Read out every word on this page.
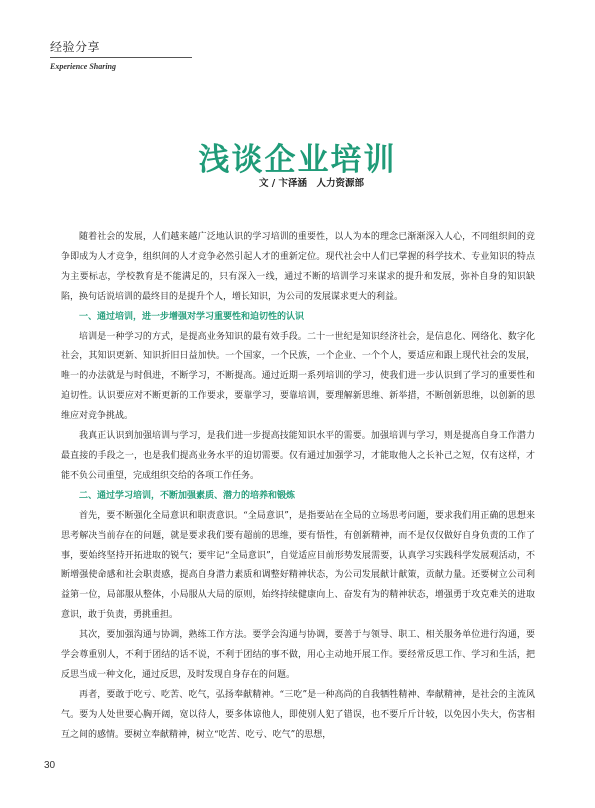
经验分享
Experience Sharing
浅谈企业培训
文 / 卞泽涵　人力资源部

随着社会的发展，人们越来越广泛地认识的学习培训的重要性，以人为本的理念已渐渐深入人心，不同组织间的竞争即成为人才竞争，组织间的人才竞争必然引起人才的重新定位。现代社会中人们已掌握的科学技术、专业知识的特点为主要标志，学校教育是不能满足的，只有深入一线，通过不断的培训学习来谋求的提升和发展，弥补自身的知识缺陷，换句话说培训的最终目的是提升个人，增长知识，为公司的发展谋求更大的利益。

一、通过培训，进一步增强对学习重要性和迫切性的认识

培训是一种学习的方式，是提高业务知识的最有效手段。二十一世纪是知识经济社会，是信息化、网络化、数字化社会，其知识更新、知识折旧日益加快。一个国家，一个民族，一个企业、一个个人，要适应和跟上现代社会的发展，唯一的办法就是与时俱进，不断学习，不断提高。通过近期一系列培训的学习，使我们进一步认识到了学习的重要性和迫切性。认识要应对不断更新的工作要求，要靠学习，要靠培训，要理解新思维、新举措，不断创新思维，以创新的思维应对竞争挑战。

我真正认识到加强培训与学习，是我们进一步提高技能知识水平的需要。加强培训与学习，则是提高自身工作潜力最直接的手段之一，也是我们提高业务水平的迫切需要。仅有通过加强学习，才能取他人之长补己之短，仅有这样，才能不负公司重望，完成组织交给的各项工作任务。

二、通过学习培训，不断加强素质、潜力的培养和锻炼

首先，要不断强化全局意识和职责意识。“全局意识”，是指要站在全局的立场思考问题，要求我们用正确的思想来思考解决当前存在的问题，就是要求我们要有超前的思维，要有悟性，有创新精神，而不是仅仅做好自身负责的工作了事，要始终坚持开拓进取的锐气；要牢记“全局意识”，自觉适应目前形势发展需要，认真学习实践科学发展观活动，不断增强使命感和社会职责感，提高自身潜力素质和调整好精神状态，为公司发展献计献策，贡献力量。还要树立公司利益第一位，局部服从整体，小局服从大局的原则，始终持续健康向上、奋发有为的精神状态，增强勇于攻克难关的进取意识，敢于负责，勇挑重担。

其次，要加强沟通与协调，熟练工作方法。要学会沟通与协调，要善于与领导、职工、相关服务单位进行沟通，要学会尊重别人，不利于团结的话不说，不利于团结的事不做，用心主动地开展工作。要经常反思工作、学习和生活，把反思当成一种文化，通过反思，及时发现自身存在的问题。

再者，要敢于吃亏、吃苦、吃气，弘扬奉献精神。“三吃”是一种高尚的自我牺牲精神、奉献精神，是社会的主流风气。要为人处世要心胸开阔，宽以待人，要多体谅他人，即使别人犯了错误，也不要斤斤计较，以免因小失大，伤害相互之间的感情。要树立奉献精神，树立“吃苦、吃亏、吃气”的思想，

30
